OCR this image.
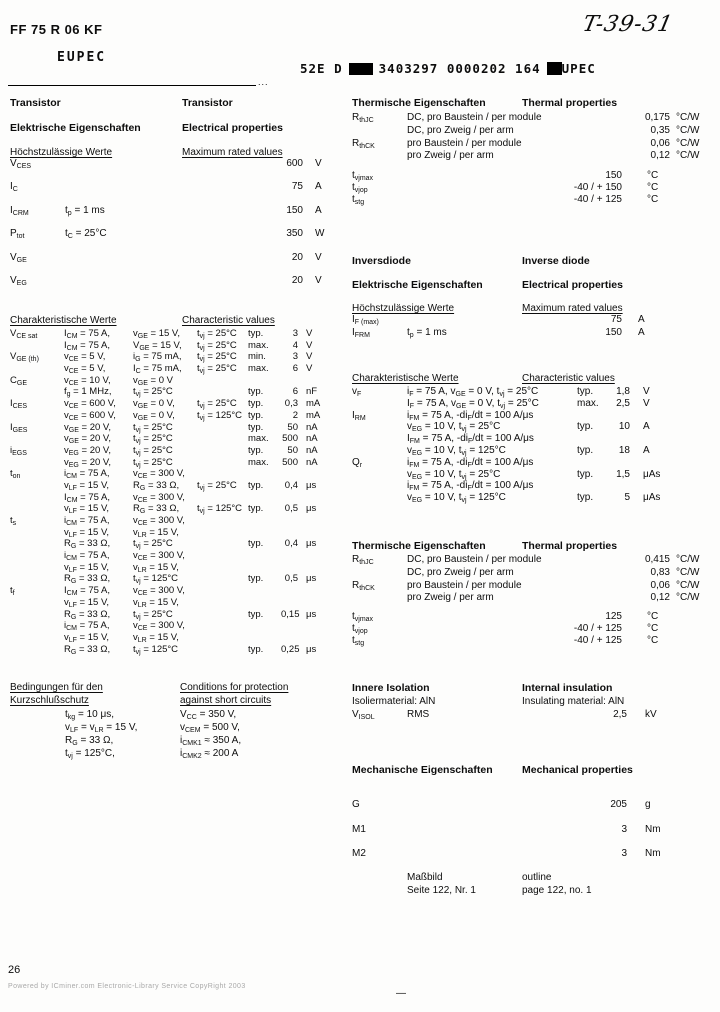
FF 75 R 06 KF
EUPEC
T-39-31
52E D	3403297 0000202 164 UPEC
...
Transistor	Transistor
Elektrische Eigenschaften	Electrical properties
Höchstzulässige Werte	Maximum rated values
$V_{CES}$	600 V
$I_C$	75 A
$I_{CRM}$	$t_p = 1$ ms	150 A
$P_{tot}$	$t_C = 25^\circ C$	350 W
$V_{GE}$	20 V
$V_{EG}$	20 V
Charakteristische Werte	Characteristic values
$V_{CE sat}$	$I_{CM} = 75$ A,	$v_{GE} = 15$ V,	$t_{vj} = 25^\circ C$	typ.	3 V
$I_{CM} = 75$ A,	$V_{GE} = 15$ V,	$t_{vj} = 25^\circ C$	max.	4 V
$V_{GE (th)}$	$v_{CE} = 5$ V,	$i_G = 75$ mA,	$t_{vj} = 25^\circ C$	min.	3 V
$v_{CE} = 5$ V,	$I_C = 75$ mA,	$t_{vj} = 25^\circ C$	max.	6 V
$C_{GE}$	$v_{CE} = 10$ V,	$v_{GE} = 0$ V
$f_g = 1$ MHz,	$t_{vj} = 25^\circ C$	typ.	6 nF
$I_{CES}$	$v_{CE} = 600$ V,	$v_{GE} = 0$ V,	$t_{vj} = 25^\circ C$	typ.	0,3 mA
$v_{CE} = 600$ V,	$v_{GE} = 0$ V,	$t_{vj} = 125^\circ C$ typ.	2 mA
$I_{GES}$	$v_{GE} = 20$ V,	$t_{vj} = 25^\circ C$	typ.	50 nA
$v_{GE} = 20$ V,	$t_{vj} = 25^\circ C$	max.	500 nA
$i_{EGS}$	$v_{EG} = 20$ V,	$t_{vj} = 25^\circ C$	typ.	50 nA
$v_{EG} = 20$ V,	$t_{vj} = 25^\circ C$	max.	500 nA
$t_{on}$	$i_{CM} = 75$ A,	$v_{CE} = 300$ V,
$v_{LF} = 15$ V,	$R_G = 33$ Ω,	$t_{vj} = 25^\circ C$	typ.	0,4 μs
$I_{CM} = 75$ A,	$v_{CE} = 300$ V,
$v_{LF} = 15$ V,	$R_G = 33$ Ω,	$t_{vj} = 125^\circ C$ typ.	0,5 μs
$t_s$	$i_{CM} = 75$ A,	$v_{CE} = 300$ V,
$v_{LF} = 15$ V,	$v_{LR} = 15$ V,
$R_G = 33$ Ω,	$t_{vj} = 25^\circ C$	typ.	0,4 μs
$i_{CM} = 75$ A,	$v_{CE} = 300$ V,
$v_{LF} = 15$ V,	$v_{LR} = 15$ V,
$R_G = 33$ Ω,	$t_{vj} = 125^\circ C$	typ.	0,5 μs
$t_f$	$I_{CM} = 75$ A,	$v_{CE} = 300$ V,
$v_{LF} = 15$ V,	$v_{LR} = 15$ V,
$R_G = 33$ Ω,	$t_{vj} = 25^\circ C$	typ.	0,15 μs
$i_{CM} = 75$ A,	$v_{CE} = 300$ V,
$v_{LF} = 15$ V,	$v_{LR} = 15$ V,
$R_G = 33$ Ω,	$t_{vj} = 125^\circ C$	typ.	0,25 μs
Bedingungen für den
Kurzschlußschutz
Conditions for protection
against short circuits
$t_{kg} = 10$ μs,
$v_{LF} = v_{LR} = 15$ V,
$R_G = 33$ Ω,
$t_{vj} = 125^\circ C$,
$V_{CC} = 350$ V,
$v_{CEM} = 500$ V,
$i_{CMK1} \approx 350$ A,
$i_{CMK2} \approx 200$ A
Thermische Eigenschaften	Thermal properties
$R_{thJC}$	DC, pro Baustein / per module	0,175 °C/W
DC, pro Zweig / per arm	0,35 °C/W
$R_{thCK}$	pro Baustein / per module	0,06 °C/W
pro Zweig / per arm	0,12 °C/W
$t_{vjmax}$	150	°C
$t_{vjop}$	-40 / + 150	°C
$t_{stg}$	-40 / + 125	°C
Inversdiode	Inverse diode
Elektrische Eigenschaften	Electrical properties
Höchstzulässige Werte	Maximum rated values
$I_{F (max)}$	75 A
$I_{FRM}$	$t_p = 1$ ms	150 A
Charakteristische Werte	Characteristic values
$v_F$	$i_F = 75$ A, $v_{GE} = 0$ V, $t_{vj} = 25^\circ C$	typ.	1,8 V
$I_F = 75$ A, $v_{GE} = 0$ V, $t_{vj} = 25^\circ C$	max.	2,5 V
$I_{RM}$	$i_{FM} = 75$ A, $-di_F/dt = 100$ A/μs
$v_{EG} = 10$ V, $t_{vj} = 25^\circ C$	typ.	10 A
$I_{FM} = 75$ A, $-di_F/dt = 100$ A/μs
$v_{EG} = 10$ V, $t_{vj} = 125^\circ C$	typ.	18 A
$Q_r$	$i_{FM} = 75$ A, $-di_F/dt = 100$ A/μs
$v_{EG} = 10$ V, $t_{vj} = 25^\circ C$	typ.	1,5 μAs
$i_{FM} = 75$ A, $-di_F/dt = 100$ A/μs
$v_{EG} = 10$ V, $t_{vj} = 125^\circ C$	typ.	5 μAs
Thermische Eigenschaften	Thermal properties
$R_{thJC}$	DC, pro Baustein / per module	0,415 °C/W
DC, pro Zweig / per arm	0,83 °C/W
$R_{thCK}$	pro Baustein / per module	0,06 °C/W
pro Zweig / per arm	0,12 °C/W
$t_{vjmax}$	125	°C
$t_{vjop}$	-40 / + 125	°C
$t_{stg}$	-40 / + 125	°C
Innere Isolation	Internal insulation
Isoliermaterial: AlN	Insulating material: AlN
$V_{ISOL}$	RMS	2,5 kV
Mechanische Eigenschaften	Mechanical properties
G	205 g
M1	3 Nm
M2	3 Nm
Maßbild	outline
Seite 122, Nr. 1	page 122, no. 1
26
Powered by ICminer.com Electronic-Library Service CopyRight 2003
—
